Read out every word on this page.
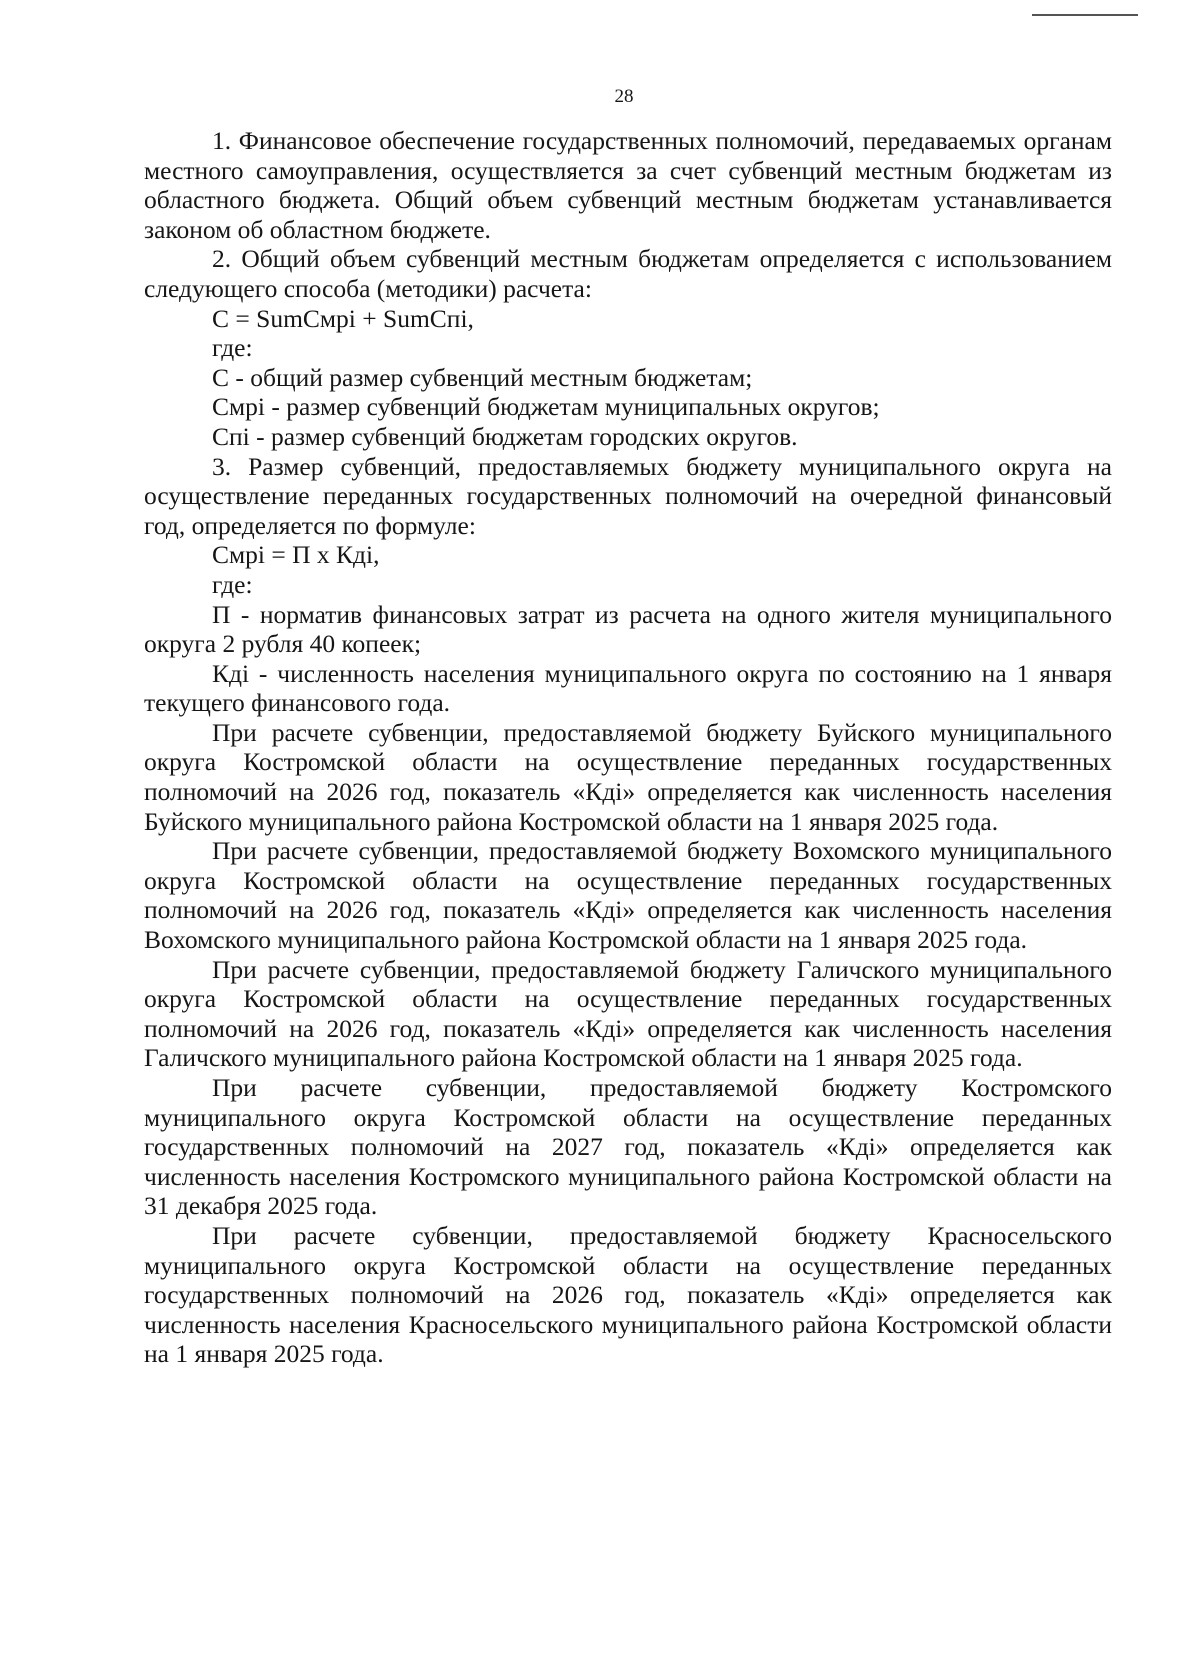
28

1. Финансовое обеспечение государственных полномочий, передаваемых органам местного самоуправления, осуществляется за счет субвенций местным бюджетам из областного бюджета. Общий объем субвенций местным бюджетам устанавливается законом об областном бюджете.

2. Общий объем субвенций местным бюджетам определяется с использованием следующего способа (методики) расчета:

С = SumСмрi + SumСпi,

где:

С - общий размер субвенций местным бюджетам;

Смрi - размер субвенций бюджетам муниципальных округов;

Спi - размер субвенций бюджетам городских округов.

3. Размер субвенций, предоставляемых бюджету муниципального округа на осуществление переданных государственных полномочий на очередной финансовый год, определяется по формуле:

Смрi = П х Кдi,

где:

П - норматив финансовых затрат из расчета на одного жителя муниципального округа 2 рубля 40 копеек;

Кдi - численность населения муниципального округа по состоянию на 1 января текущего финансового года.

При расчете субвенции, предоставляемой бюджету Буйского муниципального округа Костромской области на осуществление переданных государственных полномочий на 2026 год, показатель «Кдi» определяется как численность населения Буйского муниципального района Костромской области на 1 января 2025 года.

При расчете субвенции, предоставляемой бюджету Вохомского муниципального округа Костромской области на осуществление переданных государственных полномочий на 2026 год, показатель «Кдi» определяется как численность населения Вохомского муниципального района Костромской области на 1 января 2025 года.

При расчете субвенции, предоставляемой бюджету Галичского муниципального округа Костромской области на осуществление переданных государственных полномочий на 2026 год, показатель «Кдi» определяется как численность населения Галичского муниципального района Костромской области на 1 января 2025 года.

При расчете субвенции, предоставляемой бюджету Костромского муниципального округа Костромской области на осуществление переданных государственных полномочий на 2027 год, показатель «Кдi» определяется как численность населения Костромского муниципального района Костромской области на 31 декабря 2025 года.

При расчете субвенции, предоставляемой бюджету Красносельского муниципального округа Костромской области на осуществление переданных государственных полномочий на 2026 год, показатель «Кдi» определяется как численность населения Красносельского муниципального района Костромской области на 1 января 2025 года.
